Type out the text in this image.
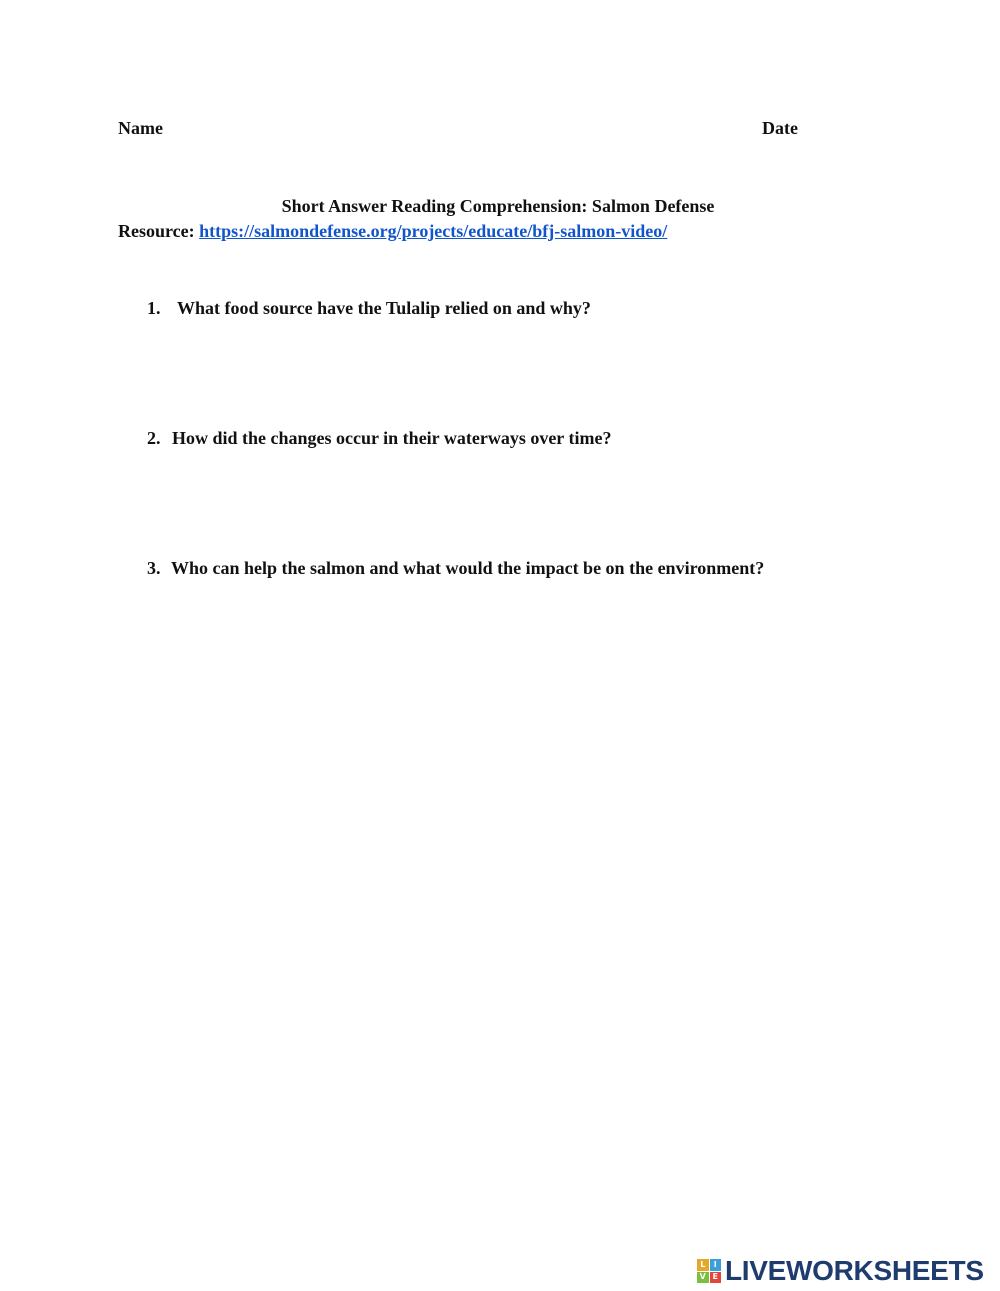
Name	Date

Short Answer Reading Comprehension: Salmon Defense

Resource: https://salmondefense.org/projects/educate/bfj-salmon-video/

1. What food source have the Tulalip relied on and why?

2. How did the changes occur in their waterways over time?

3. Who can help the salmon and what would the impact be on the environment?

L	I
V E LIVEWORKSHEETS
